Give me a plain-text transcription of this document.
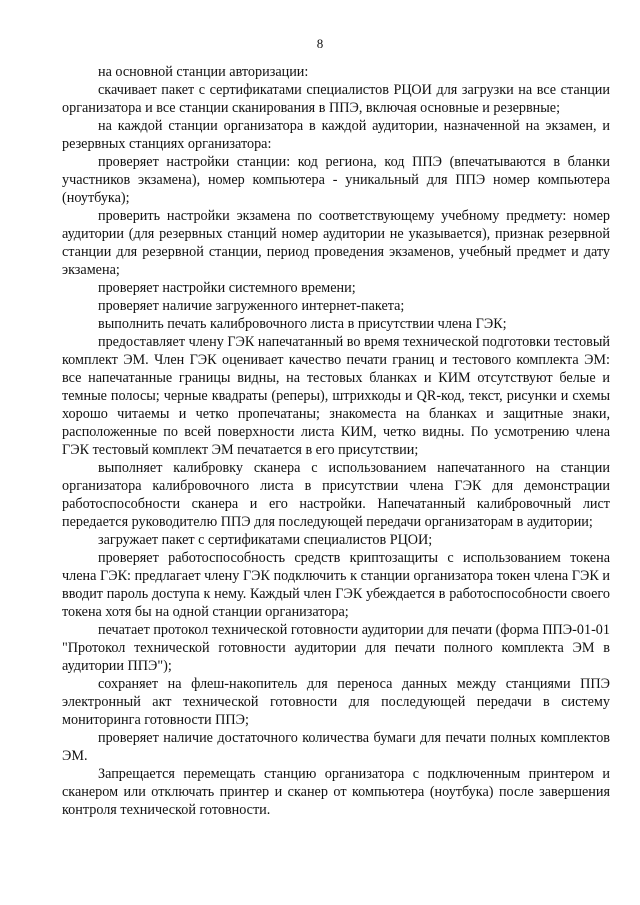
8

на основной станции авторизации:

скачивает пакет с сертификатами специалистов РЦОИ для загрузки на все станции организатора и все станции сканирования в ППЭ, включая основные и резервные;

на каждой станции организатора в каждой аудитории, назначенной на экзамен, и резервных станциях организатора:

проверяет настройки станции: код региона, код ППЭ (впечатываются в бланки участников экзамена), номер компьютера - уникальный для ППЭ номер компьютера (ноутбука);

проверить настройки экзамена по соответствующему учебному предмету: номер аудитории (для резервных станций номер аудитории не указывается), признак резервной станции для резервной станции, период проведения экзаменов, учебный предмет и дату экзамена;

проверяет настройки системного времени;

проверяет наличие загруженного интернет-пакета;

выполнить печать калибровочного листа в присутствии члена ГЭК;

предоставляет члену ГЭК напечатанный во время технической подготовки тестовый комплект ЭМ. Член ГЭК оценивает качество печати границ и тестового комплекта ЭМ: все напечатанные границы видны, на тестовых бланках и КИМ отсутствуют белые и темные полосы; черные квадраты (реперы), штрихкоды и QR-код, текст, рисунки и схемы хорошо читаемы и четко пропечатаны; знакоместа на бланках и защитные знаки, расположенные по всей поверхности листа КИМ, четко видны. По усмотрению члена ГЭК тестовый комплект ЭМ печатается в его присутствии;

выполняет калибровку сканера с использованием напечатанного на станции организатора калибровочного листа в присутствии члена ГЭК для демонстрации работоспособности сканера и его настройки. Напечатанный калибровочный лист передается руководителю ППЭ для последующей передачи организаторам в аудитории;

загружает пакет с сертификатами специалистов РЦОИ;

проверяет работоспособность средств криптозащиты с использованием токена члена ГЭК: предлагает члену ГЭК подключить к станции организатора токен члена ГЭК и вводит пароль доступа к нему. Каждый член ГЭК убеждается в работоспособности своего токена хотя бы на одной станции организатора;

печатает протокол технической готовности аудитории для печати (форма ППЭ-01-01 "Протокол технической готовности аудитории для печати полного комплекта ЭМ в аудитории ППЭ");

сохраняет на флеш-накопитель для переноса данных между станциями ППЭ электронный акт технической готовности для последующей передачи в систему мониторинга готовности ППЭ;

проверяет наличие достаточного количества бумаги для печати полных комплектов ЭМ.

Запрещается перемещать станцию организатора с подключенным принтером и сканером или отключать принтер и сканер от компьютера (ноутбука) после завершения контроля технической готовности.
